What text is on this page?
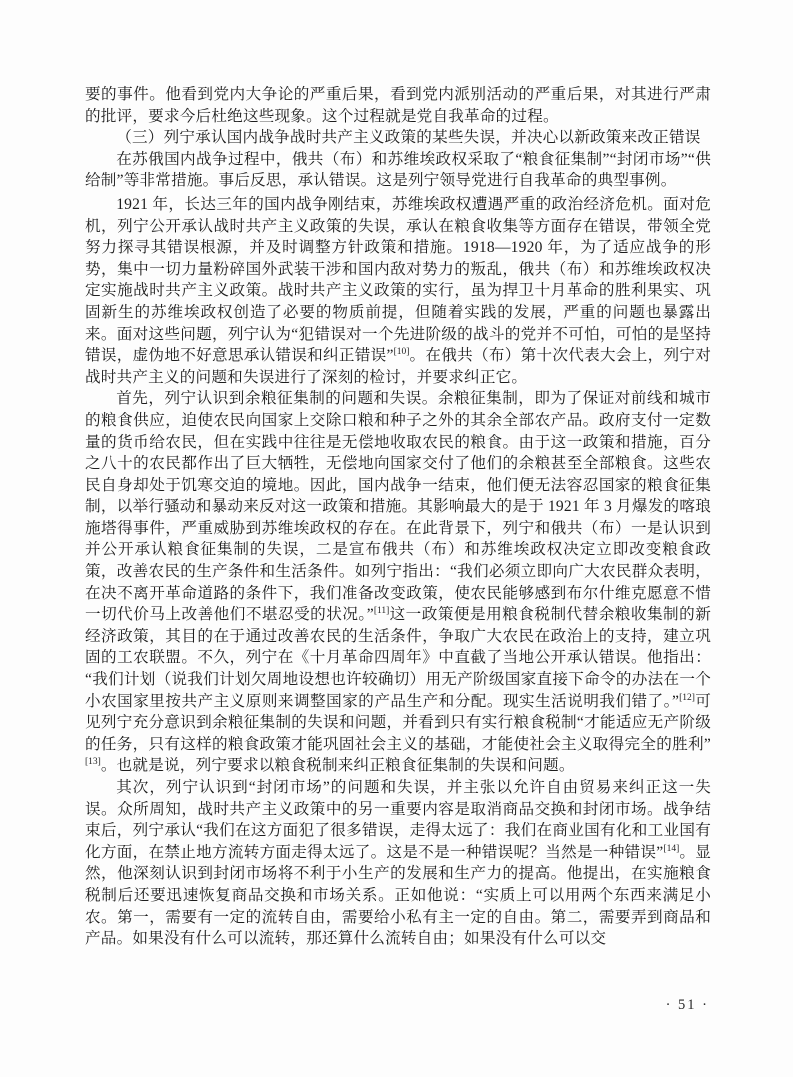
要的事件。他看到党内大争论的严重后果，看到党内派别活动的严重后果，对其进行严肃的批评，要求今后杜绝这些现象。这个过程就是党自我革命的过程。

（三）列宁承认国内战争战时共产主义政策的某些失误，并决心以新政策来改正错误

在苏俄国内战争过程中，俄共（布）和苏维埃政权采取了“粮食征集制”“封闭市场”“供给制”等非常措施。事后反思，承认错误。这是列宁领导党进行自我革命的典型事例。

1921 年，长达三年的国内战争刚结束，苏维埃政权遭遇严重的政治经济危机。面对危机，列宁公开承认战时共产主义政策的失误，承认在粮食收集等方面存在错误，带领全党努力探寻其错误根源，并及时调整方针政策和措施。1918—1920 年，为了适应战争的形势，集中一切力量粉碎国外武装干涉和国内敌对势力的叛乱，俄共（布）和苏维埃政权决定实施战时共产主义政策。战时共产主义政策的实行，虽为捍卫十月革命的胜利果实、巩固新生的苏维埃政权创造了必要的物质前提，但随着实践的发展，严重的问题也暴露出来。面对这些问题，列宁认为“犯错误对一个先进阶级的战斗的党并不可怕，可怕的是坚持错误，虚伪地不好意思承认错误和纠正错误”[10]。在俄共（布）第十次代表大会上，列宁对战时共产主义的问题和失误进行了深刻的检讨，并要求纠正它。

首先，列宁认识到余粮征集制的问题和失误。余粮征集制，即为了保证对前线和城市的粮食供应，迫使农民向国家上交除口粮和种子之外的其余全部农产品。政府支付一定数量的货币给农民，但在实践中往往是无偿地收取农民的粮食。由于这一政策和措施，百分之八十的农民都作出了巨大牺牲，无偿地向国家交付了他们的余粮甚至全部粮食。这些农民自身却处于饥寒交迫的境地。因此，国内战争一结束，他们便无法容忍国家的粮食征集制，以举行骚动和暴动来反对这一政策和措施。其影响最大的是于 1921 年 3 月爆发的喀琅施塔得事件，严重威胁到苏维埃政权的存在。在此背景下，列宁和俄共（布）一是认识到并公开承认粮食征集制的失误，二是宣布俄共（布）和苏维埃政权决定立即改变粮食政策，改善农民的生产条件和生活条件。如列宁指出：“我们必须立即向广大农民群众表明，在决不离开革命道路的条件下，我们准备改变政策，使农民能够感到布尔什维克愿意不惜一切代价马上改善他们不堪忍受的状况。”[11]这一政策便是用粮食税制代替余粮收集制的新经济政策，其目的在于通过改善农民的生活条件，争取广大农民在政治上的支持，建立巩固的工农联盟。不久，列宁在《十月革命四周年》中直截了当地公开承认错误。他指出：“我们计划（说我们计划欠周地设想也许较确切）用无产阶级国家直接下命令的办法在一个小农国家里按共产主义原则来调整国家的产品生产和分配。现实生活说明我们错了。”[12]可见列宁充分意识到余粮征集制的失误和问题，并看到只有实行粮食税制“才能适应无产阶级的任务，只有这样的粮食政策才能巩固社会主义的基础，才能使社会主义取得完全的胜利”[13]。也就是说，列宁要求以粮食税制来纠正粮食征集制的失误和问题。

其次，列宁认识到“封闭市场”的问题和失误，并主张以允许自由贸易来纠正这一失误。众所周知，战时共产主义政策中的另一重要内容是取消商品交换和封闭市场。战争结束后，列宁承认“我们在这方面犯了很多错误，走得太远了：我们在商业国有化和工业国有化方面，在禁止地方流转方面走得太远了。这是不是一种错误呢？当然是一种错误”[14]。显然，他深刻认识到封闭市场将不利于小生产的发展和生产力的提高。他提出，在实施粮食税制后还要迅速恢复商品交换和市场关系。正如他说：“实质上可以用两个东西来满足小农。第一，需要有一定的流转自由，需要给小私有主一定的自由。第二，需要弄到商品和产品。如果没有什么可以流转，那还算什么流转自由；如果没有什么可以交

· 51 ·
